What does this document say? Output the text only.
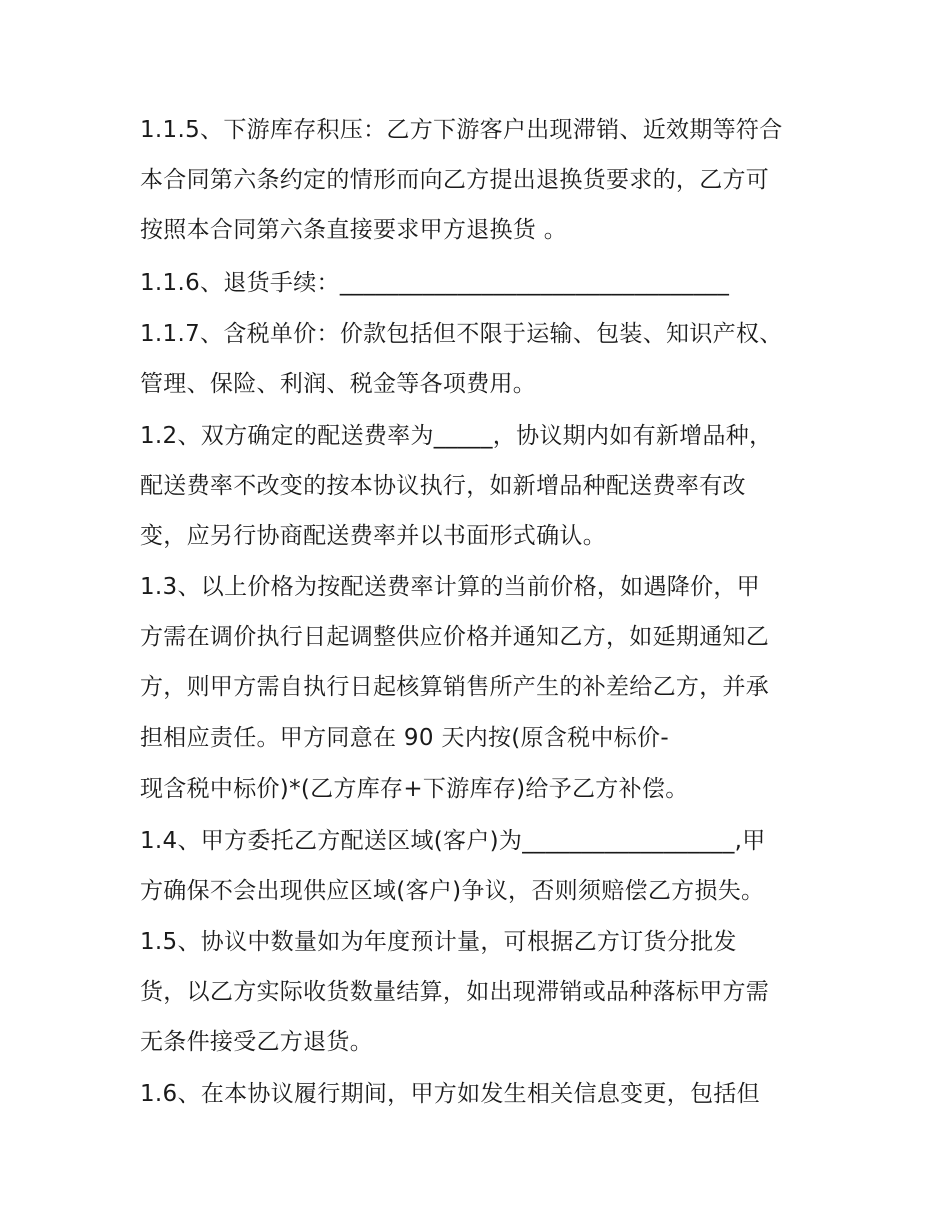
1.1.5、下游库存积压：乙方下游客户出现滞销、近效期等符合
本合同第六条约定的情形而向乙方提出退换货要求的，乙方可
按照本合同第六条直接要求甲方退换货 。
1.1.6、退货手续：_________________________________
1.1.7、含税单价：价款包括但不限于运输、包装、知识产权、
管理、保险、利润、税金等各项费用。
1.2、双方确定的配送费率为_____，协议期内如有新增品种，
配送费率不改变的按本协议执行，如新增品种配送费率有改
变，应另行协商配送费率并以书面形式确认。
1.3、以上价格为按配送费率计算的当前价格，如遇降价，甲
方需在调价执行日起调整供应价格并通知乙方，如延期通知乙
方，则甲方需自执行日起核算销售所产生的补差给乙方，并承
担相应责任。甲方同意在 90 天内按(原含税中标价-
现含税中标价)*(乙方库存+下游库存)给予乙方补偿。
1.4、甲方委托乙方配送区域(客户)为__________________,甲
方确保不会出现供应区域(客户)争议，否则须赔偿乙方损失。
1.5、协议中数量如为年度预计量，可根据乙方订货分批发
货，以乙方实际收货数量结算，如出现滞销或品种落标甲方需
无条件接受乙方退货。
1.6、在本协议履行期间，甲方如发生相关信息变更，包括但
